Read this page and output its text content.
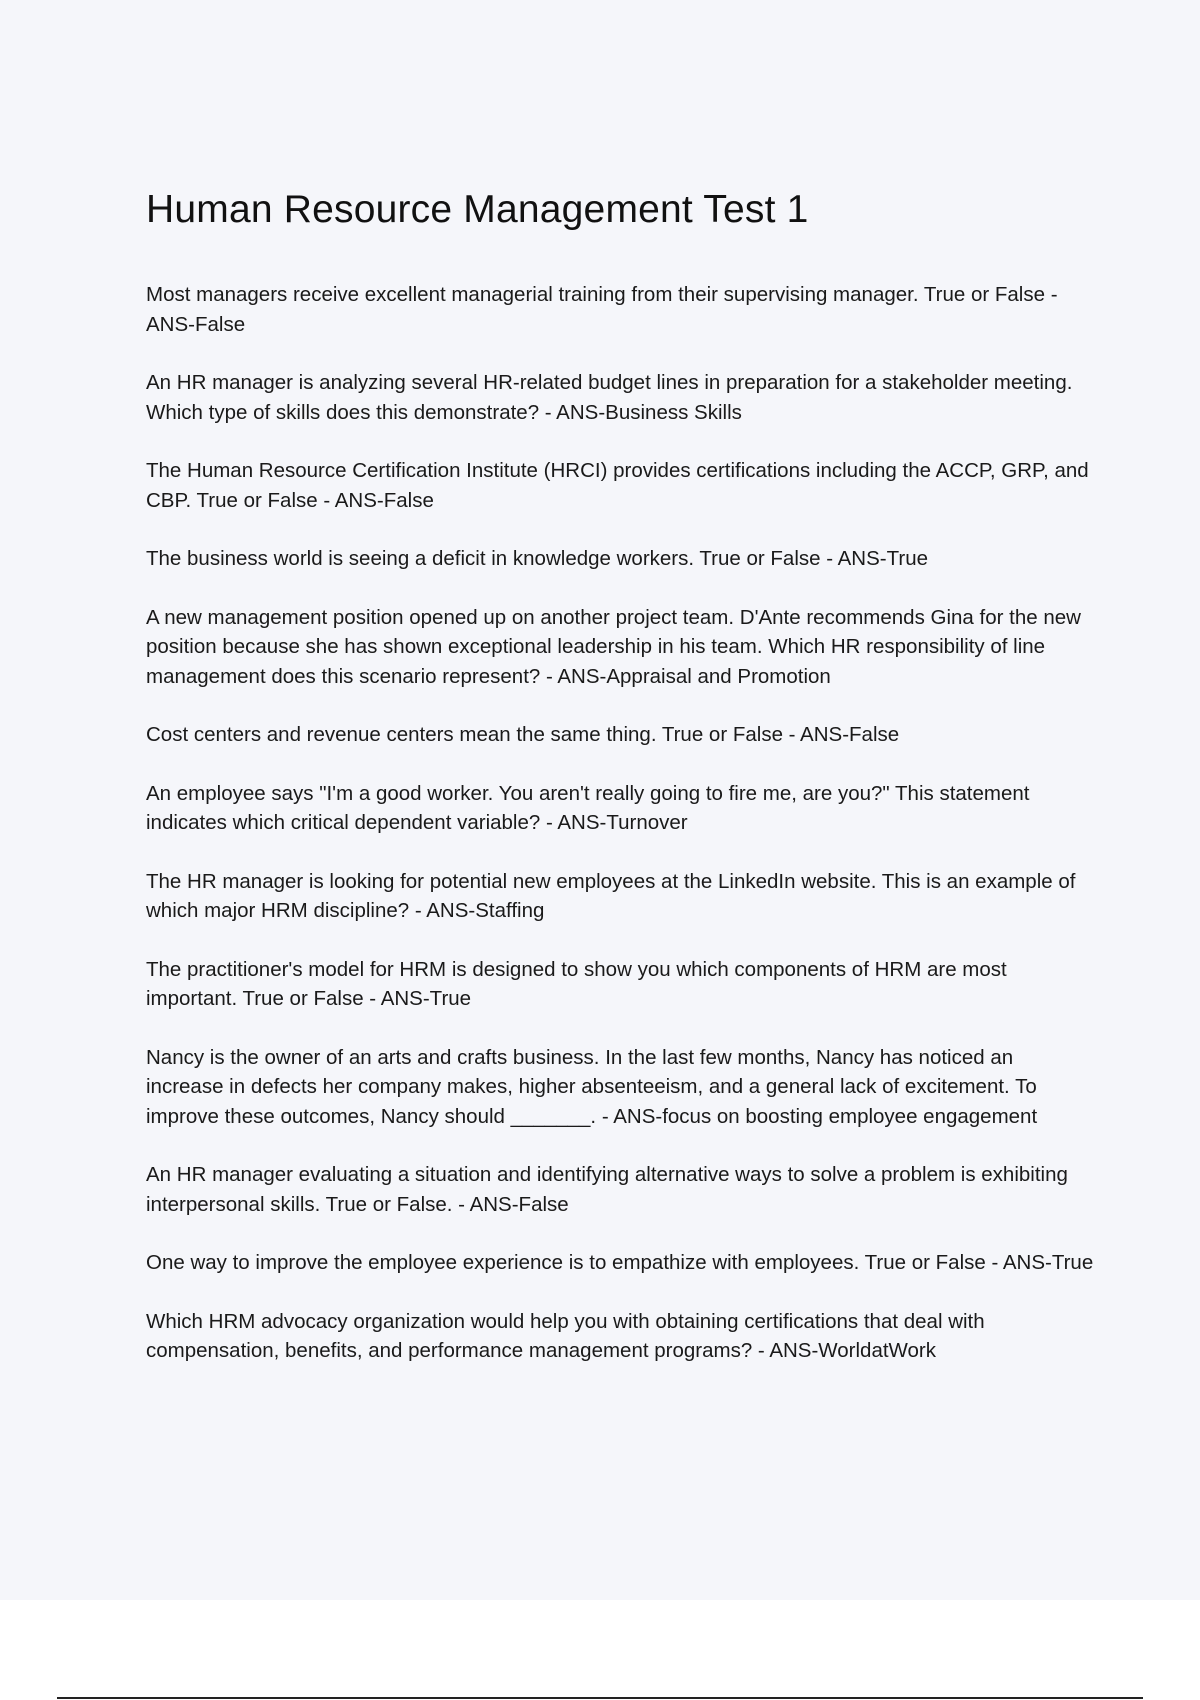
Human Resource Management Test 1

Most managers receive excellent managerial training from their supervising manager. True or False - ANS-False

An HR manager is analyzing several HR-related budget lines in preparation for a stakeholder meeting. Which type of skills does this demonstrate? - ANS-Business Skills

The Human Resource Certification Institute (HRCI) provides certifications including the ACCP, GRP, and CBP. True or False - ANS-False

The business world is seeing a deficit in knowledge workers. True or False - ANS-True

A new management position opened up on another project team. D'Ante recommends Gina for the new position because she has shown exceptional leadership in his team. Which HR responsibility of line management does this scenario represent? - ANS-Appraisal and Promotion

Cost centers and revenue centers mean the same thing. True or False - ANS-False

An employee says "I'm a good worker. You aren't really going to fire me, are you?" This statement indicates which critical dependent variable? - ANS-Turnover

The HR manager is looking for potential new employees at the LinkedIn website. This is an example of which major HRM discipline? - ANS-Staffing

The practitioner's model for HRM is designed to show you which components of HRM are most important. True or False - ANS-True

Nancy is the owner of an arts and crafts business. In the last few months, Nancy has noticed an increase in defects her company makes, higher absenteeism, and a general lack of excitement. To improve these outcomes, Nancy should _______. - ANS-focus on boosting employee engagement

An HR manager evaluating a situation and identifying alternative ways to solve a problem is exhibiting interpersonal skills. True or False. - ANS-False

One way to improve the employee experience is to empathize with employees. True or False - ANS-True

Which HRM advocacy organization would help you with obtaining certifications that deal with compensation, benefits, and performance management programs? - ANS-WorldatWork
